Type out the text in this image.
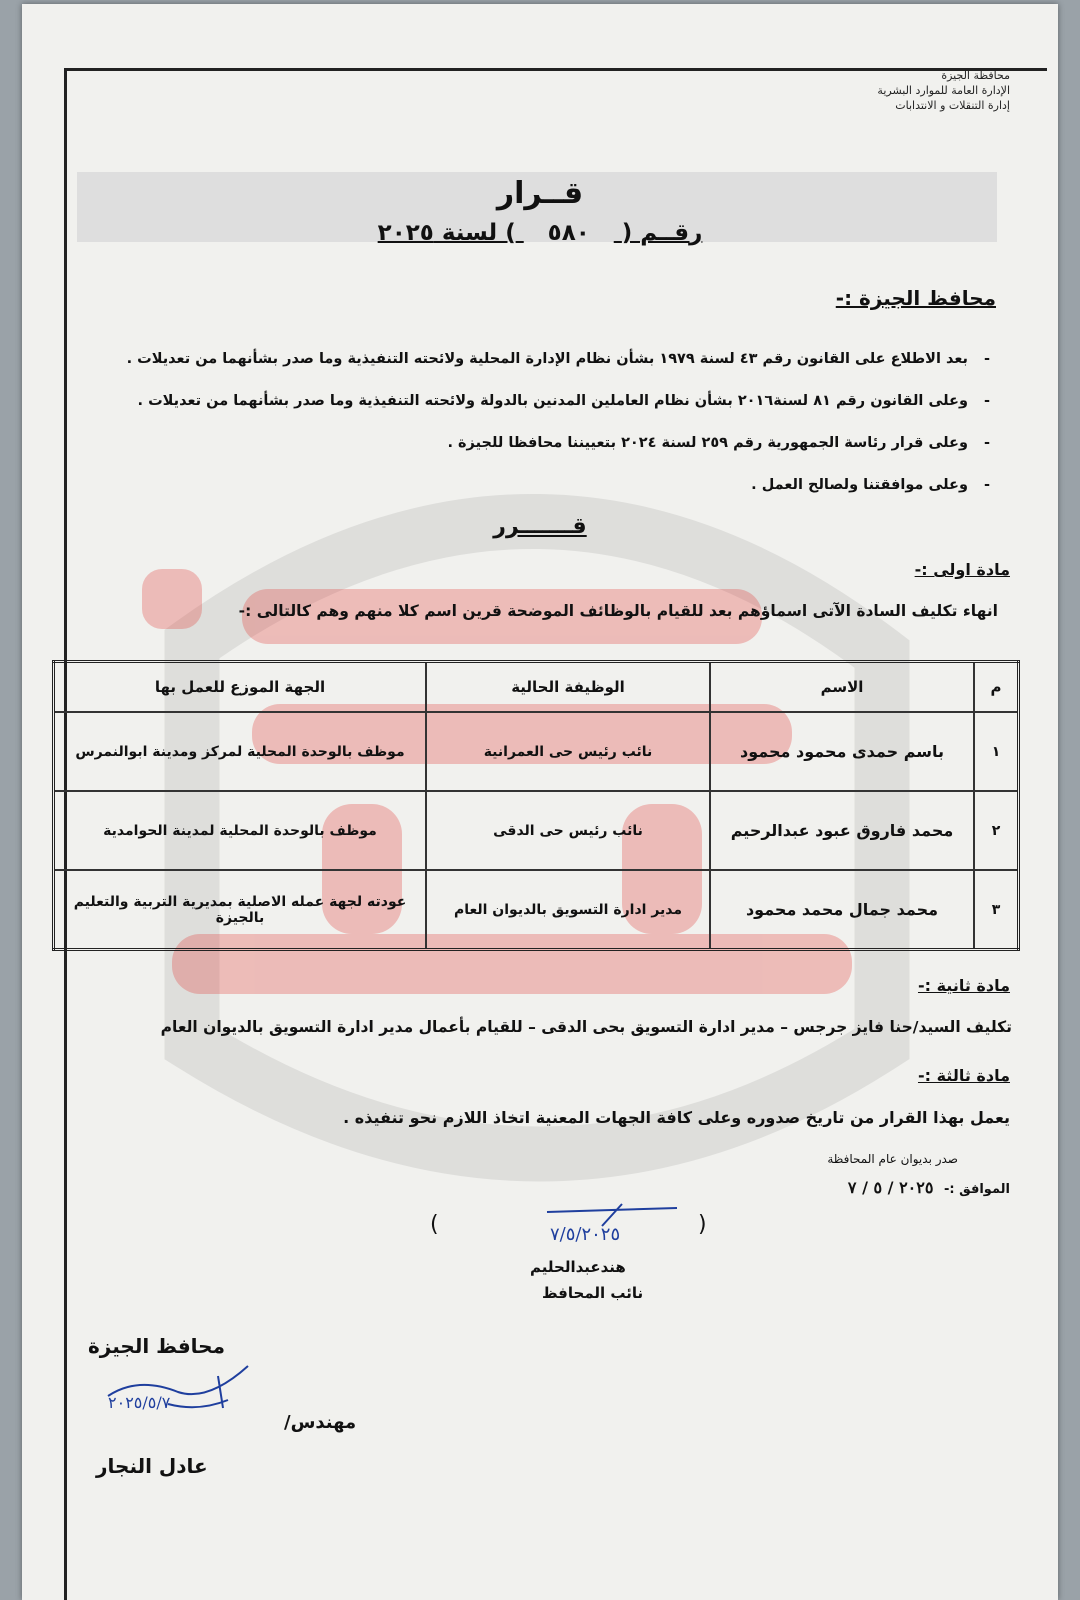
محافظة الجيزة
الإدارة العامة للموارد البشرية
إدارة التنقلات و الانتدابات
قــرار
رقــم ( ٥٨٠ ) لسنة ٢٠٢٥
محافظ الجيزة :-
- بعد الاطلاع على القانون رقم ٤٣ لسنة ١٩٧٩ بشأن نظام الإدارة المحلية ولائحته التنفيذية وما صدر بشأنهما من تعديلات .
- وعلى القانون رقم ٨١ لسنة٢٠١٦ بشأن نظام العاملين المدنين بالدولة ولائحته التنفيذية وما صدر بشأنهما من تعديلات .
- وعلى قرار رئاسة الجمهورية رقم ٢٥٩ لسنة ٢٠٢٤ بتعييننا محافظا للجيزة .
- وعلى موافقتنا ولصالح العمل .
قـــــــرر
مادة اولى :-
انهاء تكليف السادة الآتى اسماؤهم بعد للقيام بالوظائف الموضحة قرين اسم كلا منهم وهم كالتالى :-
م	الاسم	الوظيفة الحالية	الجهة الموزع للعمل بها
١	باسم حمدى محمود محمود	نائب رئيس حى العمرانية	موظف بالوحدة المحلية لمركز ومدينة ابوالنمرس
٢	محمد فاروق عبود عبدالرحيم	نائب رئيس حى الدقى	موظف بالوحدة المحلية لمدينة الحوامدية
٣	محمد جمال محمد محمود	مدير ادارة التسويق بالديوان العام	عودته لجهة عمله الاصلية بمديرية التربية والتعليم بالجيزة
مادة ثانية :-
تكليف السيد/حنا فايز جرجس – مدير ادارة التسويق بحى الدقى – للقيام بأعمال مدير ادارة التسويق بالديوان العام
مادة ثالثة :-
يعمل بهذا القرار من تاريخ صدوره وعلى كافة الجهات المعنية اتخاذ اللازم نحو تنفيذه .
صدر بديوان عام المحافظة
الموافق :- ٢٠٢٥ / ٥ / ٧
(
)	٧/٥/٢٠٢٥
هندعبدالحليم
نائب المحافظ
محافظ الجيزة
٢٠٢٥/٥/٧
مهندس/
عادل النجار
